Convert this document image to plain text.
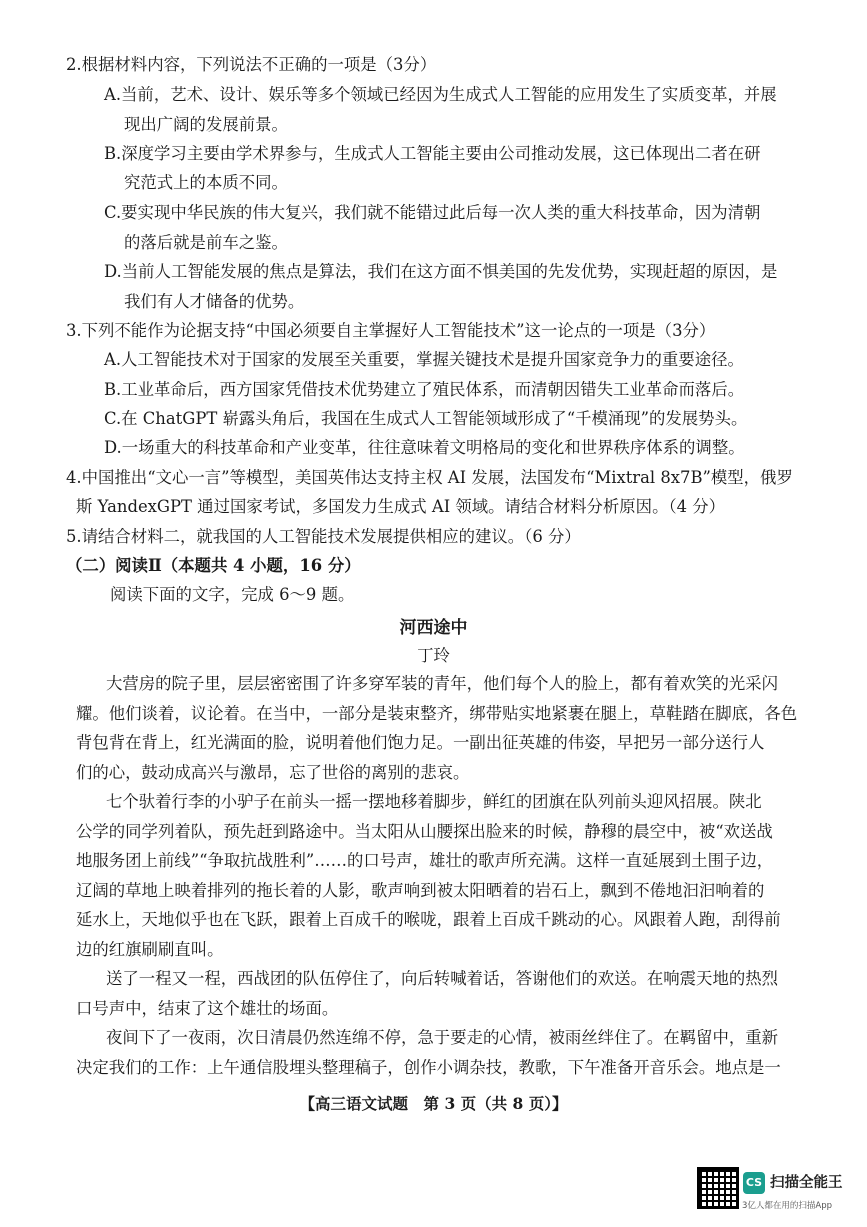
2.根据材料内容，下列说法不正确的一项是（3分）
A.当前，艺术、设计、娱乐等多个领域已经因为生成式人工智能的应用发生了实质变革，并展
现出广阔的发展前景。
B.深度学习主要由学术界参与，生成式人工智能主要由公司推动发展，这已体现出二者在研
究范式上的本质不同。
C.要实现中华民族的伟大复兴，我们就不能错过此后每一次人类的重大科技革命，因为清朝
的落后就是前车之鉴。
D.当前人工智能发展的焦点是算法，我们在这方面不惧美国的先发优势，实现赶超的原因，是
我们有人才储备的优势。
3.下列不能作为论据支持“中国必须要自主掌握好人工智能技术”这一论点的一项是（3分）
A.人工智能技术对于国家的发展至关重要，掌握关键技术是提升国家竞争力的重要途径。
B.工业革命后，西方国家凭借技术优势建立了殖民体系，而清朝因错失工业革命而落后。
C.在 ChatGPT 崭露头角后，我国在生成式人工智能领域形成了“千模涌现”的发展势头。
D.一场重大的科技革命和产业变革，往往意味着文明格局的变化和世界秩序体系的调整。
4.中国推出“文心一言”等模型，美国英伟达支持主权 AI 发展，法国发布“Mixtral 8x7B”模型，俄罗
斯 YandexGPT 通过国家考试，多国发力生成式 AI 领域。请结合材料分析原因。（4 分）
5.请结合材料二，就我国的人工智能技术发展提供相应的建议。（6 分）
（二）阅读Ⅱ（本题共 4 小题，16 分）
阅读下面的文字，完成 6～9 题。
河西途中
丁玲
大营房的院子里，层层密密围了许多穿军装的青年，他们每个人的脸上，都有着欢笑的光采闪
耀。他们谈着，议论着。在当中，一部分是装束整齐，绑带贴实地紧裹在腿上，草鞋踏在脚底，各色
背包背在背上，红光满面的脸，说明着他们饱力足。一副出征英雄的伟姿，早把另一部分送行人
们的心，鼓动成高兴与激昂，忘了世俗的离别的悲哀。
七个驮着行李的小驴子在前头一摇一摆地移着脚步，鲜红的团旗在队列前头迎风招展。陕北
公学的同学列着队，预先赶到路途中。当太阳从山腰探出脸来的时候，静穆的晨空中，被“欢送战
地服务团上前线”“争取抗战胜利”……的口号声，雄壮的歌声所充满。这样一直延展到土围子边，
辽阔的草地上映着排列的拖长着的人影，歌声响到被太阳晒着的岩石上，飘到不倦地汩汩响着的
延水上，天地似乎也在飞跃，跟着上百成千的喉咙，跟着上百成千跳动的心。风跟着人跑，刮得前
边的红旗刷刷直叫。
送了一程又一程，西战团的队伍停住了，向后转喊着话，答谢他们的欢送。在响震天地的热烈
口号声中，结束了这个雄壮的场面。
夜间下了一夜雨，次日清晨仍然连绵不停，急于要走的心情，被雨丝绊住了。在羁留中，重新
决定我们的工作：上午通信股埋头整理稿子，创作小调杂技，教歌，下午准备开音乐会。地点是一
【高三语文试题　第 3 页（共 8 页）】
CS 扫描全能王
3亿人都在用的扫描App
